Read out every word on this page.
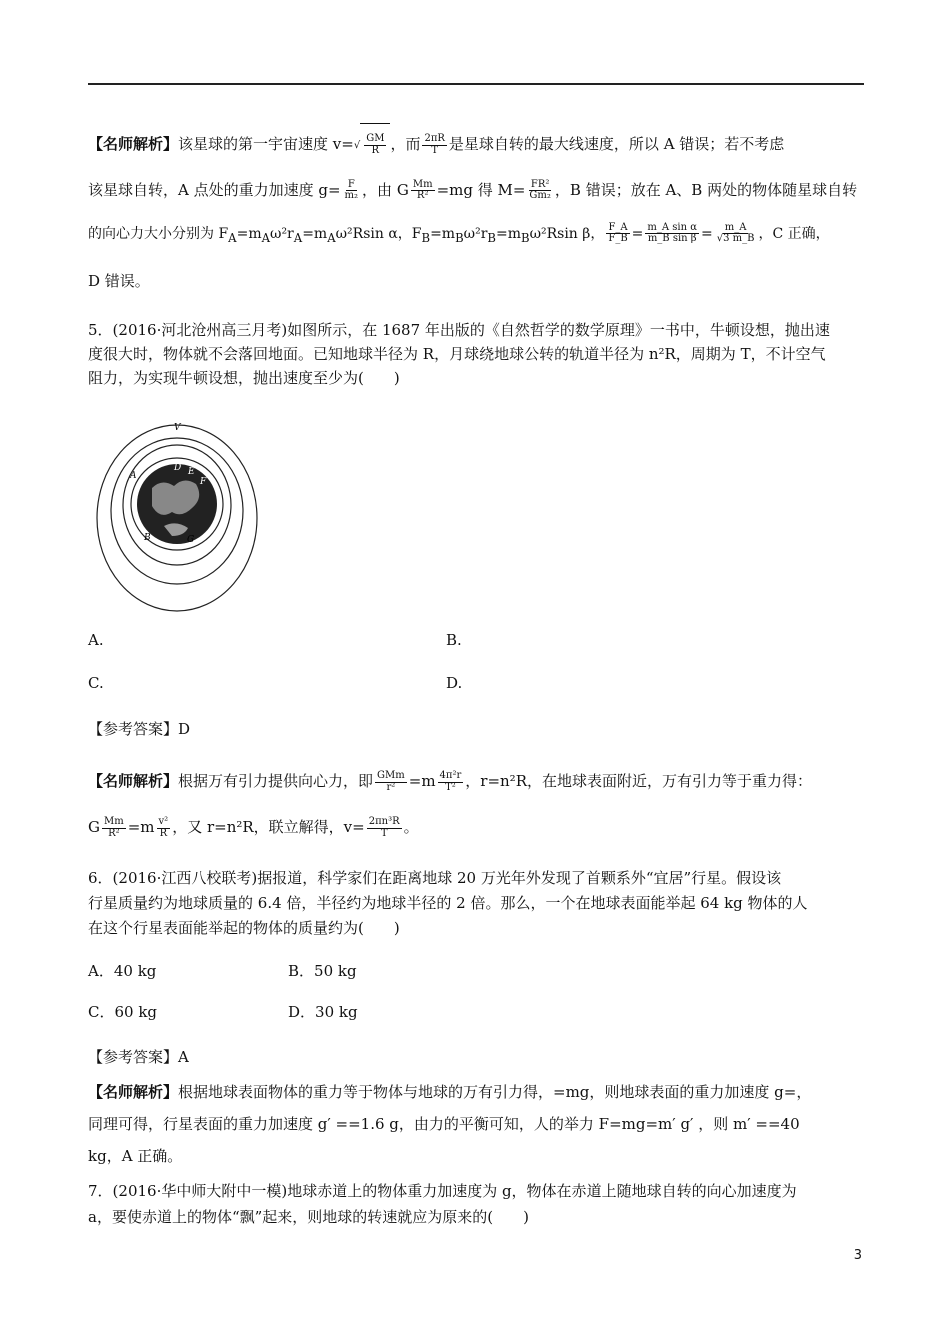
【名师解析】该星球的第一宇宙速度 $v=√ \frac{GM}{R}$ ，而 $\frac{2\pi R}{T}$ 是星球自转的最大线速度，所以 A 错误；若不考虑
该星球自转，A 点处的重力加速度 $g= \frac{F}{\text{m₂}}$ ，由 G $\frac{Mm}{\text{R²}} =mg$ 得 $M= \frac{\text{FR²}}{\text{Gm₂}}$ ，B 错误；放在 A、B 两处的物体随星球自转
的向心力大小分别为 $F_A=m_A\omega^2r_A=m_A\omega^2Rsin$ α，$F_B=m_B\omega^2r_B=m_B\omega^2Rsin$ β， $\frac{F\_A}{F\_B} = \frac{\text{m\_A sin α}}{\text{m\_B sin β}} = \frac{m\_A}{√3 m\_B}$ ，C 正确，
D 错误。
5．(2016·河北沧州高三月考)如图所示，在 1687 年出版的《自然哲学的数学原理》一书中，牛顿设想，抛出速
度很大时，物体就不会落回地面。已知地球半径为 R，月球绕地球公转的轨道半径为 n²R，周期为 T，不计空气
阻力，为实现牛顿设想，抛出速度至少为(　　)
V
A
D E
F
B	G
A.	B.
C.	D.
【参考答案】D
【名师解析】根据万有引力提供向心力，即 $\frac{\text{GMm}}{\text{r²}} =m \frac{\text{4π²r}}{\text{T²}}$ ，r=n²R，在地球表面附近，万有引力等于重力得：
G $\frac{Mm}{\text{R²}} =m \frac{\text{v²}}{R}$ ，又 r=n²R，联立解得，$v= \frac{\text{2πn³R}}{T}$ 。
6．(2016·江西八校联考)据报道，科学家们在距离地球 20 万光年外发现了首颗系外“宜居”行星。假设该
行星质量约为地球质量的 6.4 倍，半径约为地球半径的 2 倍。那么，一个在地球表面能举起 64 kg 物体的人
在这个行星表面能举起的物体的质量约为(　　)
A．40 kg	B．50 kg
C．60 kg	D．30 kg
【参考答案】A
【名师解析】根据地球表面物体的重力等于物体与地球的万有引力得，=mg，则地球表面的重力加速度 g=，
同理可得，行星表面的重力加速度 g′ ==1.6 g，由力的平衡可知，人的举力 F=mg=m′ g′ ，则 m′ ==40
kg，A 正确。
7．(2016·华中师大附中一模)地球赤道上的物体重力加速度为 g，物体在赤道上随地球自转的向心加速度为
a，要使赤道上的物体“飘”起来，则地球的转速就应为原来的(　　)
3
